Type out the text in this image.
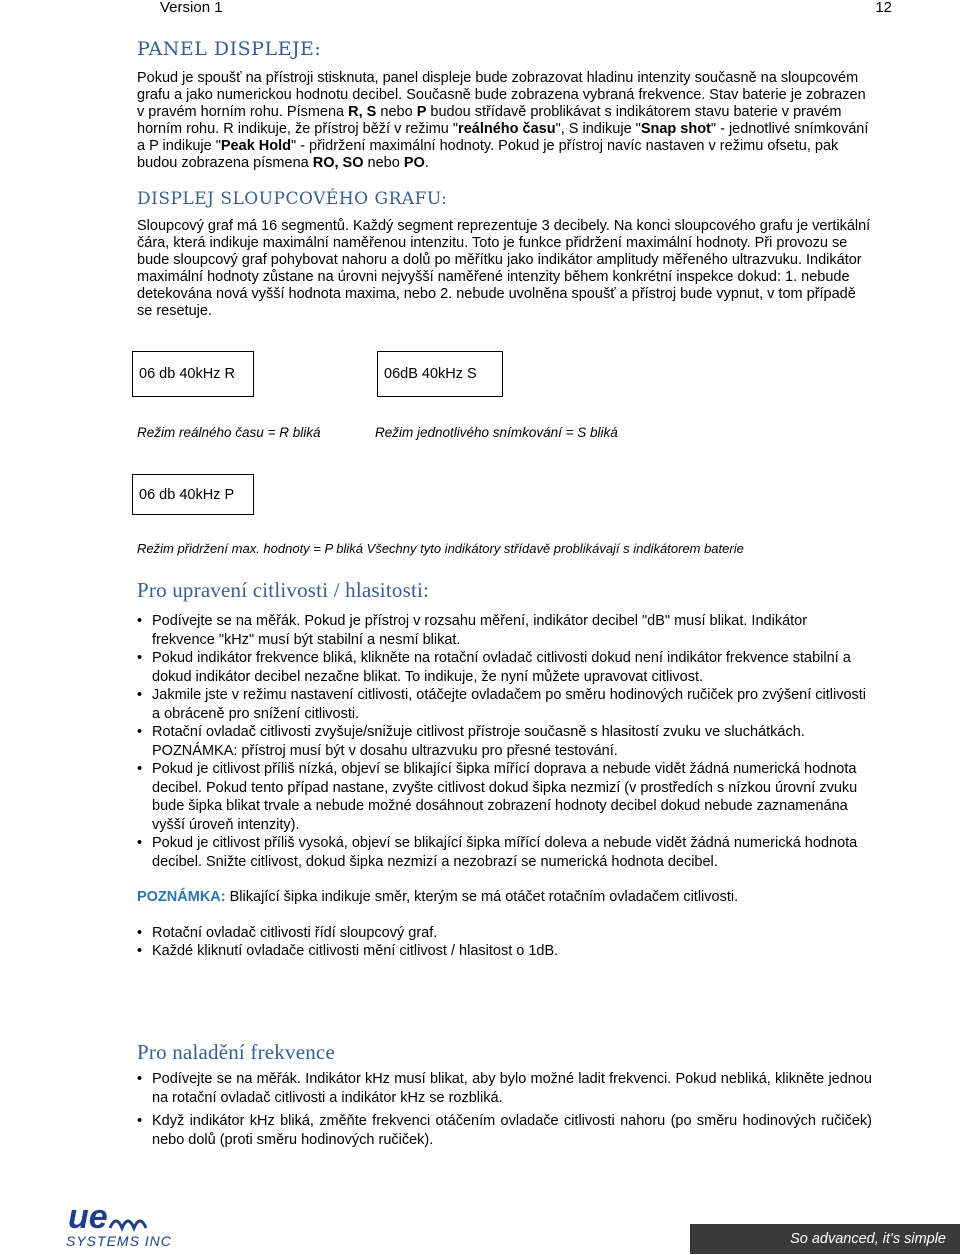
Version 1	12
PANEL DISPLEJE:

Pokud je spoušť na přístroji stisknuta, panel displeje bude zobrazovat hladinu intenzity současně na sloupcovém grafu a jako numerickou hodnotu decibel. Současně bude zobrazena vybraná frekvence. Stav baterie je zobrazen v pravém horním rohu. Písmena R, S nebo P budou střídavě problikávat s indikátorem stavu baterie v pravém horním rohu. R indikuje, že přístroj běží v režimu "reálného času", S indikuje "Snap shot" - jednotlivé snímkování a P indikuje "Peak Hold" - přidržení maximální hodnoty. Pokud je přístroj navíc nastaven v režimu ofsetu, pak budou zobrazena písmena RO, SO nebo PO.

DISPLEJ SLOUPCOVÉHO GRAFU:

Sloupcový graf má 16 segmentů. Každý segment reprezentuje 3 decibely. Na konci sloupcového grafu je vertikální čára, která indikuje maximální naměřenou intenzitu. Toto je funkce přidržení maximální hodnoty. Při provozu se bude sloupcový graf pohybovat nahoru a dolů po měřítku jako indikátor amplitudy měřeného ultrazvuku. Indikátor maximální hodnoty zůstane na úrovni nejvyšší naměřené intenzity během konkrétní inspekce dokud: 1. nebude detekována nová vyšší hodnota maxima, nebo 2. nebude uvolněna spoušť a přístroj bude vypnut, v tom případě se resetuje.

06 db 40kHz R	06dB 40kHz S
Režim reálného času = R bliká	Režim jednotlivého snímkování = S bliká
06 db 40kHz P
Režim přidržení max. hodnoty = P bliká Všechny tyto indikátory střídavě problikávají s indikátorem baterie
Pro upravení citlivosti / hlasitosti:
• Podívejte se na měřák. Pokud je přístroj v rozsahu měření, indikátor decibel "dB" musí blikat. Indikátor frekvence "kHz" musí být stabilní a nesmí blikat.
• Pokud indikátor frekvence bliká, klikněte na rotační ovladač citlivosti dokud není indikátor frekvence stabilní a dokud indikátor decibel nezačne blikat. To indikuje, že nyní můžete upravovat citlivost.
• Jakmile jste v režimu nastavení citlivosti, otáčejte ovladačem po směru hodinových ručiček pro zvýšení citlivosti a obráceně pro snížení citlivosti.
• Rotační ovladač citlivosti zvyšuje/snižuje citlivost přístroje současně s hlasitostí zvuku ve sluchátkách. POZNÁMKA: přístroj musí být v dosahu ultrazvuku pro přesné testování.
• Pokud je citlivost příliš nízká, objeví se blikající šipka mířící doprava a nebude vidět žádná numerická hodnota decibel. Pokud tento případ nastane, zvyšte citlivost dokud šipka nezmizí (v prostředích s nízkou úrovní zvuku bude šipka blikat trvale a nebude možné dosáhnout zobrazení hodnoty decibel dokud nebude zaznamenána vyšší úroveň intenzity).
• Pokud je citlivost příliš vysoká, objeví se blikající šipka mířící doleva a nebude vidět žádná numerická hodnota decibel. Snižte citlivost, dokud šipka nezmizí a nezobrazí se numerická hodnota decibel.

POZNÁMKA: Blikající šipka indikuje směr, kterým se má otáčet rotačním ovladačem citlivosti.

• Rotační ovladač citlivosti řídí sloupcový graf.
• Každé kliknutí ovladače citlivosti mění citlivost / hlasitost o 1dB.
Pro naladění frekvence
• Podívejte se na měřák. Indikátor kHz musí blikat, aby bylo možné ladit frekvenci. Pokud nebliká, klikněte jednou na rotační ovladač citlivosti a indikátor kHz se rozbliká.
• Když indikátor kHz bliká, změňte frekvenci otáčením ovladače citlivosti nahoru (po směru hodinových ručiček) nebo dolů (proti směru hodinových ručiček).
ue
SYSTEMS INC	So advanced, it's simple
